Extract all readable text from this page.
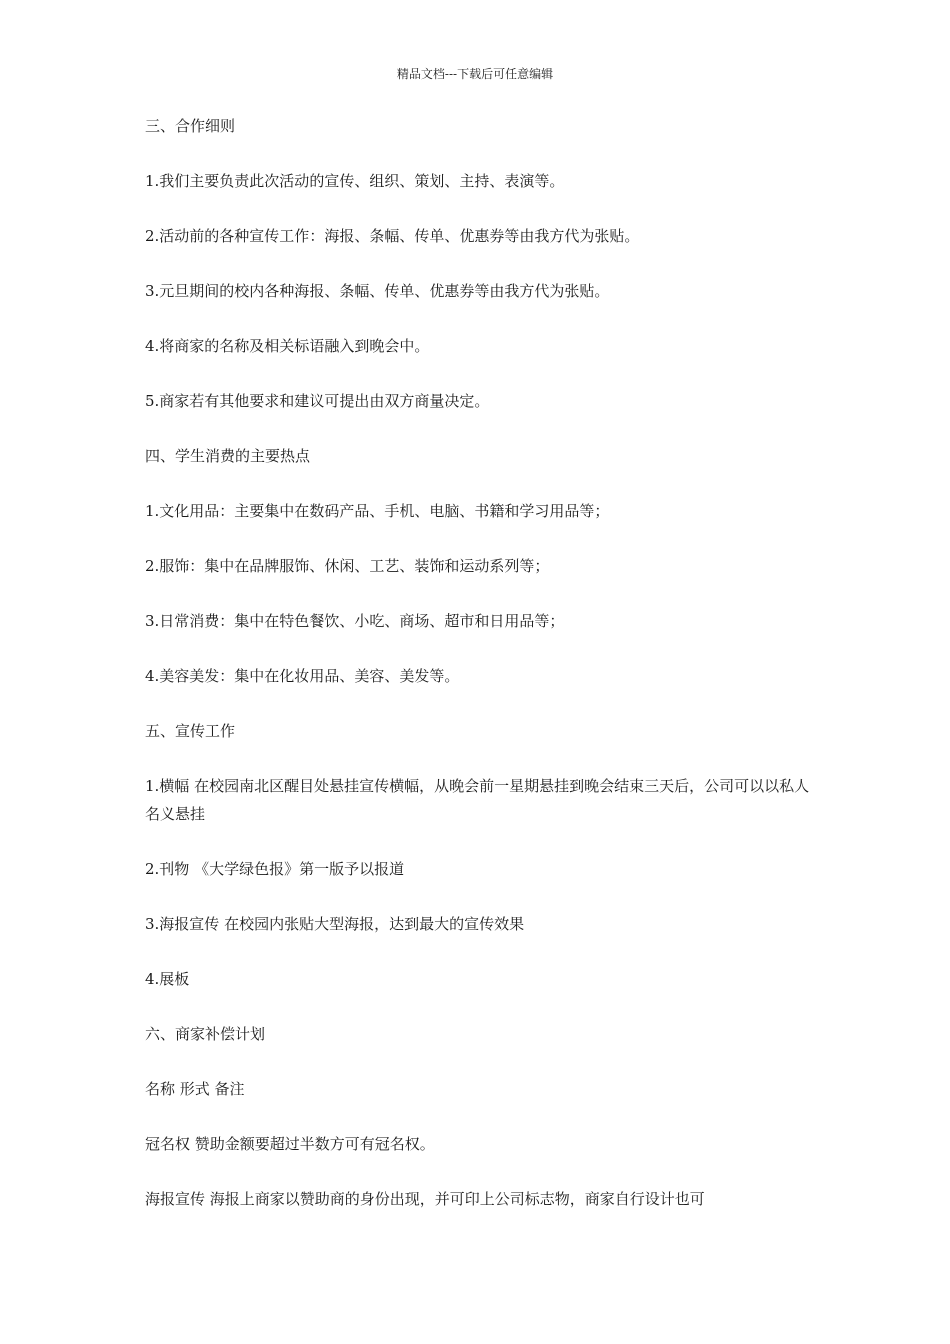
精品文档---下载后可任意编辑

三、合作细则

1.我们主要负责此次活动的宣传、组织、策划、主持、表演等。

2.活动前的各种宣传工作：海报、条幅、传单、优惠券等由我方代为张贴。

3.元旦期间的校内各种海报、条幅、传单、优惠券等由我方代为张贴。

4.将商家的名称及相关标语融入到晚会中。

5.商家若有其他要求和建议可提出由双方商量决定。

四、学生消费的主要热点

1.文化用品：主要集中在数码产品、手机、电脑、书籍和学习用品等；

2.服饰：集中在品牌服饰、休闲、工艺、装饰和运动系列等；

3.日常消费：集中在特色餐饮、小吃、商场、超市和日用品等；

4.美容美发：集中在化妆用品、美容、美发等。

五、宣传工作

1.横幅 在校园南北区醒目处悬挂宣传横幅，从晚会前一星期悬挂到晚会结束三天后，公司可以以私人名义悬挂

2.刊物 《大学绿色报》第一版予以报道

3.海报宣传 在校园内张贴大型海报，达到最大的宣传效果

4.展板

六、商家补偿计划

名称 形式 备注

冠名权 赞助金额要超过半数方可有冠名权。

海报宣传 海报上商家以赞助商的身份出现，并可印上公司标志物，商家自行设计也可
